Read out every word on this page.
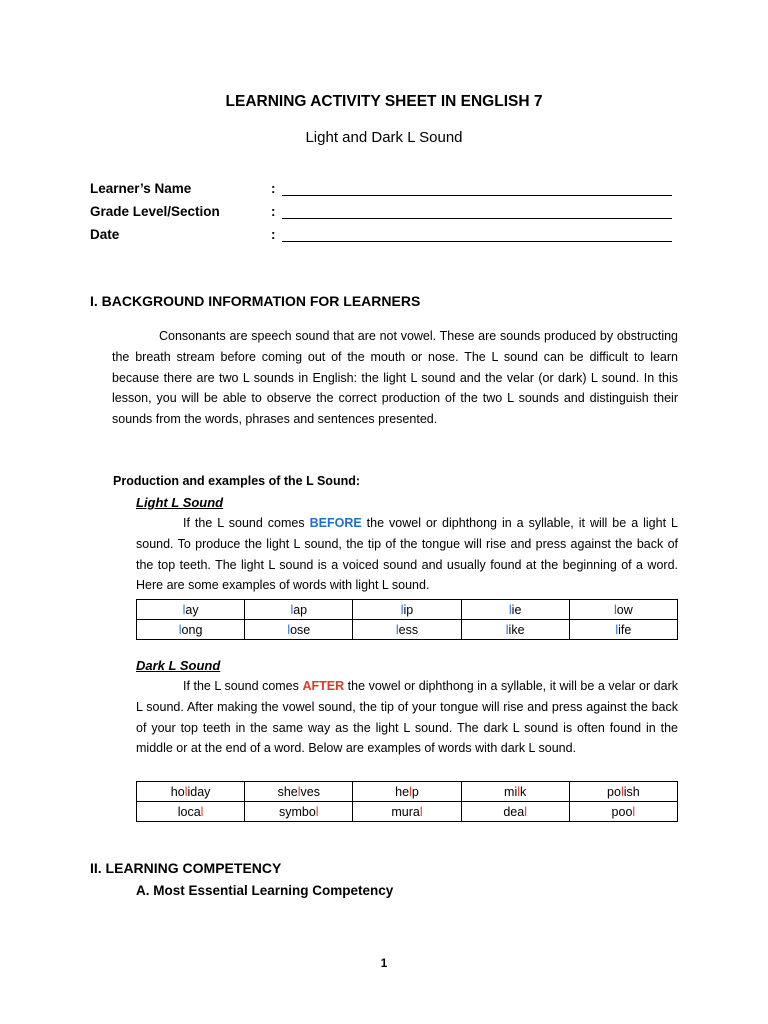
LEARNING ACTIVITY SHEET IN ENGLISH 7
Light and Dark L Sound
Learner’s Name	:
Grade Level/Section	:
Date	:
I. BACKGROUND INFORMATION FOR LEARNERS
Consonants are speech sound that are not vowel. These are sounds produced by obstructing the breath stream before coming out of the mouth or nose. The L sound can be difficult to learn because there are two L sounds in English: the light L sound and the velar (or dark) L sound. In this lesson, you will be able to observe the correct production of the two L sounds and distinguish their sounds from the words, phrases and sentences presented.
Production and examples of the L Sound:
Light L Sound
If the L sound comes BEFORE the vowel or diphthong in a syllable, it will be a light L sound. To produce the light L sound, the tip of the tongue will rise and press against the back of the top teeth. The light L sound is a voiced sound and usually found at the beginning of a word. Here are some examples of words with light L sound.
lay	lap	lip	lie	low
long	lose	less	like	life
Dark L Sound
If the L sound comes AFTER the vowel or diphthong in a syllable, it will be a velar or dark L sound. After making the vowel sound, the tip of your tongue will rise and press against the back of your top teeth in the same way as the light L sound. The dark L sound is often found in the middle or at the end of a word. Below are examples of words with dark L sound.
holiday	shelves	help	milk	polish
local	symbol	mural	deal	pool
II. LEARNING COMPETENCY
A. Most Essential Learning Competency
1
